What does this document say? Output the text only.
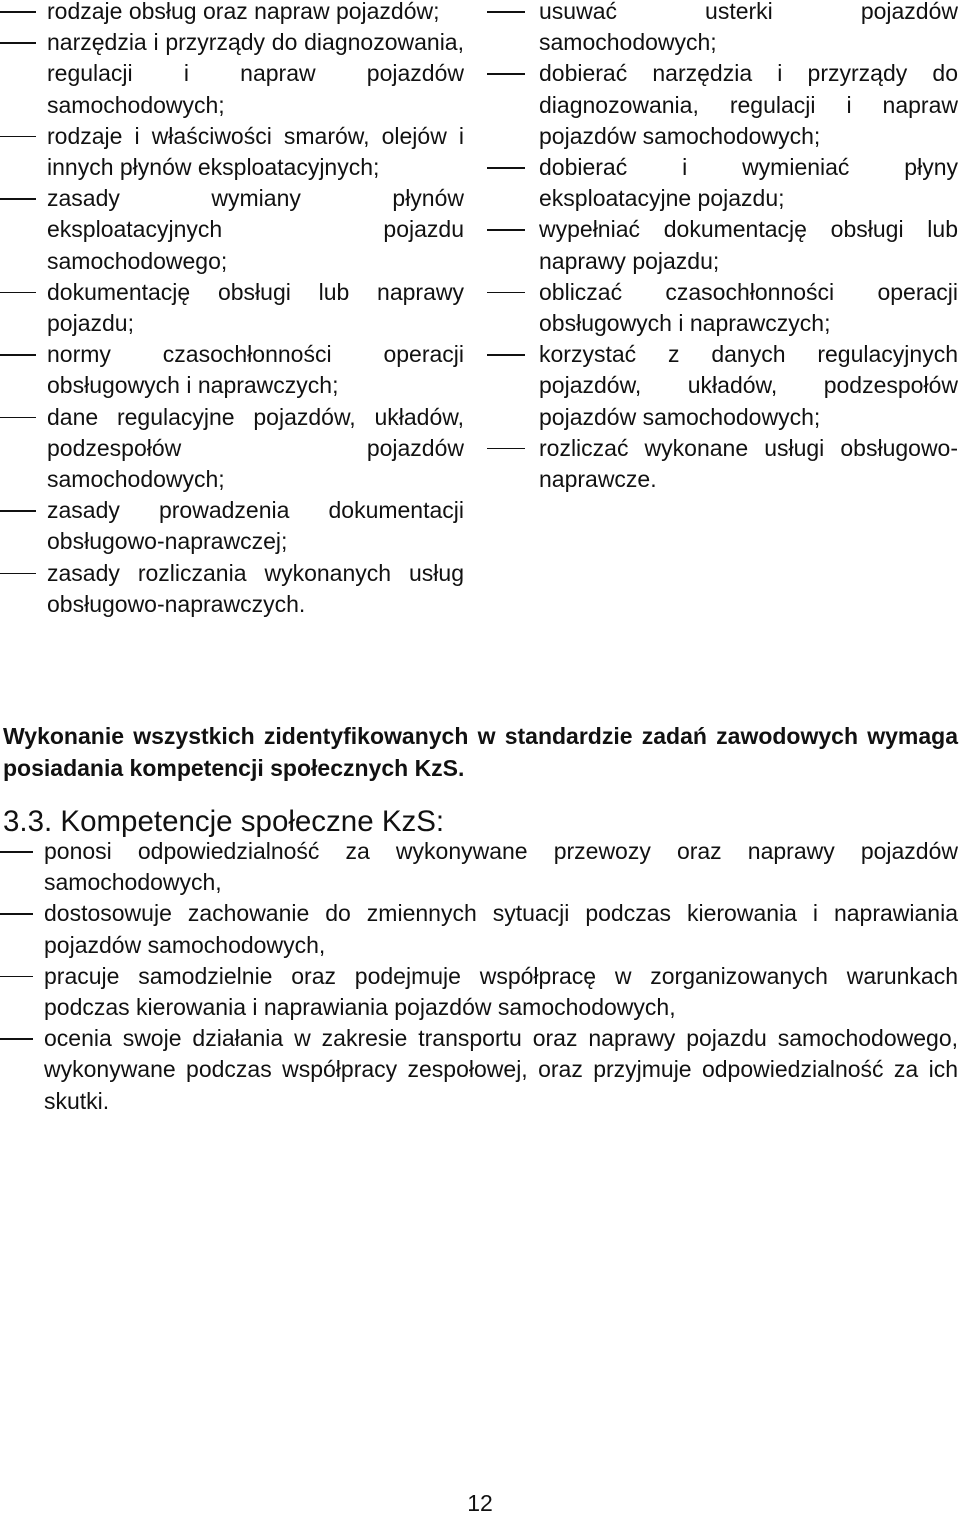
rodzaje obsług oraz napraw pojazdów;
narzędzia i przyrządy do diagnozowania, regulacji i napraw pojazdów samochodowych;
rodzaje i właściwości smarów, olejów i innych płynów eksploatacyjnych;
zasady wymiany płynów eksploatacyjnych pojazdu samochodowego;
dokumentację obsługi lub naprawy pojazdu;
normy czasochłonności operacji obsługowych i naprawczych;
dane regulacyjne pojazdów, układów, podzespołów pojazdów samochodowych;
zasady prowadzenia dokumentacji obsługowo-naprawczej;
zasady rozliczania wykonanych usług obsługowo-naprawczych.
usuwać usterki pojazdów samochodowych;
dobierać narzędzia i przyrządy do diagnozowania, regulacji i napraw pojazdów samochodowych;
dobierać i wymieniać płyny eksploatacyjne pojazdu;
wypełniać dokumentację obsługi lub naprawy pojazdu;
obliczać czasochłonności operacji obsługowych i naprawczych;
korzystać z danych regulacyjnych pojazdów, układów, podzespołów pojazdów samochodowych;
rozliczać wykonane usługi obsługowo-naprawcze.

Wykonanie wszystkich zidentyfikowanych w standardzie zadań zawodowych wymaga posiadania kompetencji społecznych KzS.

3.3. Kompetencje społeczne KzS:
ponosi odpowiedzialność za wykonywane przewozy oraz naprawy pojazdów samochodowych,
dostosowuje zachowanie do zmiennych sytuacji podczas kierowania i naprawiania pojazdów samochodowych,
pracuje samodzielnie oraz podejmuje współpracę w zorganizowanych warunkach podczas kierowania i naprawiania pojazdów samochodowych,
ocenia swoje działania w zakresie transportu oraz naprawy pojazdu samochodowego, wykonywane podczas współpracy zespołowej, oraz przyjmuje odpowiedzialność za ich skutki.
12
